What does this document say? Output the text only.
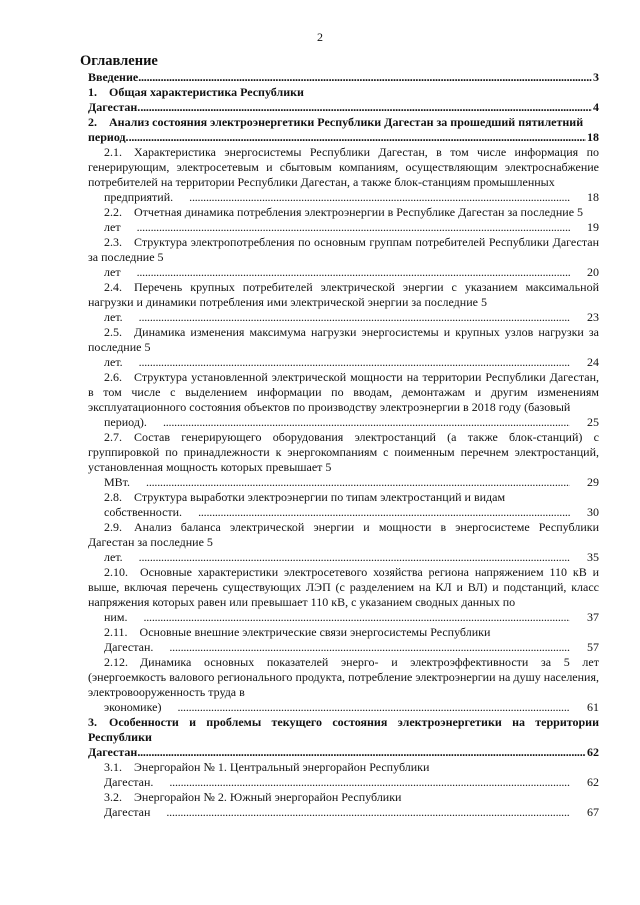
2
Оглавление
Введение . . .	3
1. Общая характеристика Республики
Дагестан. . . .	4
2. Анализ состояния электроэнергетики Республики Дагестан за прошедший пятилетний
период. . . .	18
2.1. Характеристика энергосистемы Республики Дагестан, в том числе информация по генерирующим, электросетевым и сбытовым компаниям, осуществляющим электроснабжение потребителей на территории Республики Дагестан, а также блок-станциям промышленных
предприятий. . . .	18
2.2. Отчетная динамика потребления электроэнергии в Республике Дагестан за последние 5
лет . . .	19
2.3. Структура электропотребления по основным группам потребителей Республики Дагестан за последние 5
лет . . .	20
2.4. Перечень крупных потребителей электрической энергии с указанием максимальной нагрузки и динамики потребления ими электрической энергии за последние 5
лет. . . .	23
2.5. Динамика изменения максимума нагрузки энергосистемы и крупных узлов нагрузки за последние 5
лет. . . .	24
2.6. Структура установленной электрической мощности на территории Республики Дагестан, в том числе с выделением информации по вводам, демонтажам и другим изменениям эксплуатационного состояния объектов по производству электроэнергии в 2018 году (базовый
период). . . .	25
2.7. Состав генерирующего оборудования электростанций (а также блок-станций) с группировкой по принадлежности к энергокомпаниям с поименным перечнем электростанций, установленная мощность которых превышает 5
МВт. . . .	29
2.8. Структура выработки электроэнергии по типам электростанций и видам
собственности. . . .	30
2.9. Анализ баланса электрической энергии и мощности в энергосистеме Республики Дагестан за последние 5
лет. . . .	35
2.10. Основные характеристики электросетевого хозяйства региона напряжением 110 кВ и выше, включая перечень существующих ЛЭП (с разделением на КЛ и ВЛ) и подстанций, класс напряжения которых равен или превышает 110 кВ, с указанием сводных данных по
ним. . . .	37
2.11. Основные внешние электрические связи энергосистемы Республики
Дагестан. . . .	57
2.12. Динамика основных показателей энерго- и электроэффективности за 5 лет (энергоемкость валового регионального продукта, потребление электроэнергии на душу населения, электровооруженность труда в
экономике) . . .	61
3. Особенности и проблемы текущего состояния электроэнергетики на территории Республики
Дагестан . . .	62
3.1. Энергорайон № 1. Центральный энергорайон Республики
Дагестан. . . .	62
3.2. Энергорайон № 2. Южный энергорайон Республики
Дагестан . . .	67
